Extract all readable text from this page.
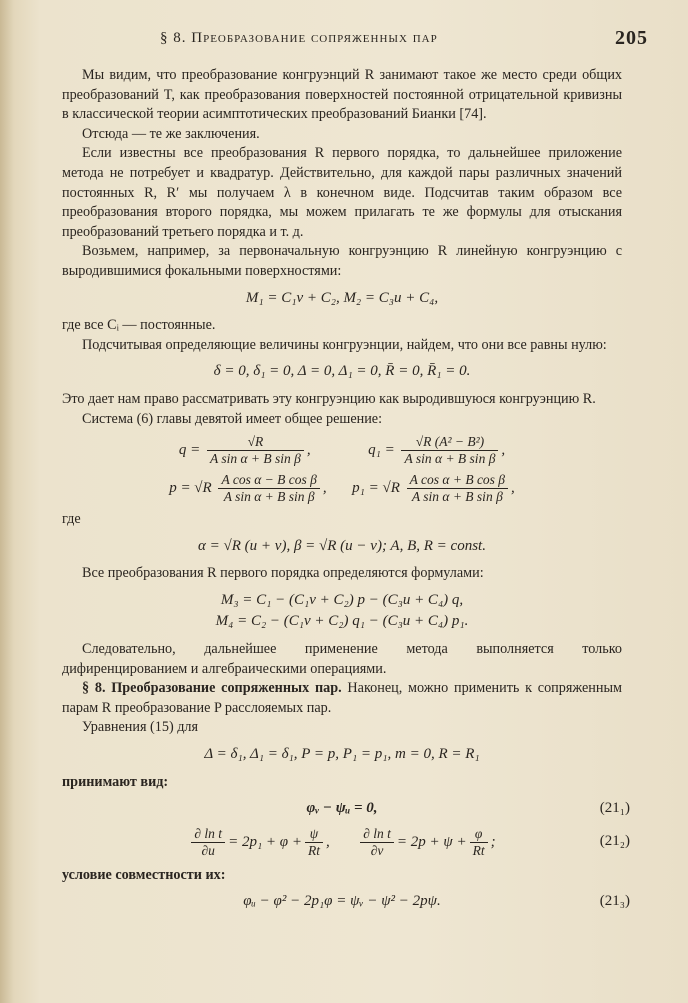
§ 8. Преобразование сопряженных пар	205

Мы видим, что преобразование конгруэнций R занимают такое же место среди общих преобразований T, как преобразования поверхностей постоянной отрицательной кривизны в классической теории асимптотических преобразований Бианки [74].

Отсюда — те же заключения.

Если известны все преобразования R первого порядка, то дальнейшее приложение метода не потребует и квадратур. Действительно, для каждой пары различных значений постоянных R, R′ мы получаем λ в конечном виде. Подсчитав таким образом все преобразования второго порядка, мы можем прилагать те же формулы для отыскания преобразований третьего порядка и т. д.

Возьмем, например, за первоначальную конгруэнцию R линейную конгруэнцию с выродившимися фокальными поверхностями:

M₁ = C₁v + C₂, M₂ = C₃u + C₄,

где все Cᵢ — постоянные.

Подсчитывая определяющие величины конгруэнции, найдем, что они все равны нулю:

δ = 0, δ₁ = 0, Δ = 0, Δ₁ = 0, R̄ = 0, R̄₁ = 0.

Это дает нам право рассматривать эту конгруэнцию как выродившуюся конгруэнцию R.

Система (6) главы девятой имеет общее решение:

$q = \frac{√R}{\text{A sin α + B sin β}}$ ,	$q_1 = \frac{\text{√R (A² − B²)}}{\text{A sin α + B sin β}}$ ,
$p = √R \frac{\text{A cos α − B cos β}}{\text{A sin α + B sin β}}$ ,  $p_1 = √R \frac{\text{A cos α + B cos β}}{\text{A sin α + B sin β}}$ ,

где

α = √R (u + v), β = √R (u − v); A, B, R = const.

Все преобразования R первого порядка определяются формулами:

M₃ = C₁ − (C₁v + C₂) p − (C₃u + C₄) q,
M₄ = C₂ − (C₁v + C₂) q₁ − (C₃u + C₄) p₁.

Следовательно, дальнейшее применение метода выполняется только дифиренцированием и алгебраическими операциями.

§ 8. Преобразование сопряженных пар. Наконец, можно применить к сопряженным парам R преобразование P расслояемых пар.

Уравнения (15) для

Δ = δ₁, Δ₁ = δ₁, P = p, P₁ = p₁, m = 0, R = R₁

принимают вид:

φᵥ − ψᵤ = 0,	(21₁)
$\frac{\text{∂ ln t}}{\partial u} = 2p_1 + \varphi + \frac{\psi}{Rt}$ , $\frac{\text{∂ ln t}}{\partial v} = 2p + \psi + \frac{\varphi}{Rt}$ ;	(21₂)

условие совместности их:

φᵤ − φ² − 2p₁φ = ψᵥ − ψ² − 2pψ.	(21₃)
